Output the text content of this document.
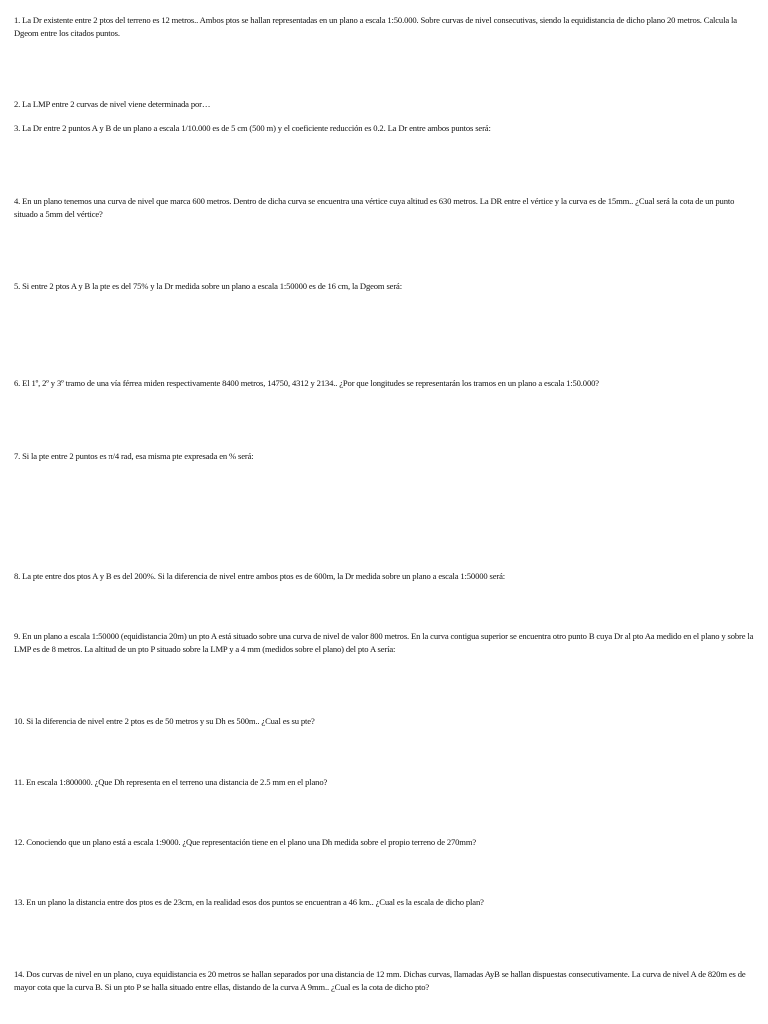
1. La Dr existente entre 2 ptos del terreno es 12 metros.. Ambos ptos se hallan representadas en un plano a escala 1:50.000. Sobre curvas de nivel consecutivas, siendo la equidistancia de dicho plano 20 metros. Calcula la Dgeom entre los citados puntos.

2. La LMP entre 2 curvas de nivel viene determinada por…

3. La Dr entre 2 puntos A y B de un plano a escala 1/10.000 es de 5 cm (500 m) y el coeficiente reducción es 0.2. La Dr entre ambos puntos será:

4. En un plano tenemos una curva de nivel que marca 600 metros. Dentro de dicha curva se encuentra una vértice cuya altitud es 630 metros. La DR entre el vértice y la curva es de 15mm.. ¿Cual será la cota de un punto situado a 5mm del vértice?

5. Si entre 2 ptos A y B la pte es del 75% y la Dr medida sobre un plano a escala 1:50000 es de 16 cm, la Dgeom será:

6. El 1º, 2º y 3º tramo de una vía férrea miden respectivamente 8400 metros, 14750, 4312 y 2134.. ¿Por que longitudes se representarán los tramos en un plano a escala 1:50.000?

7. Si la pte entre 2 puntos es π/4 rad, esa misma pte expresada en % será:

8. La pte entre dos ptos A y B es del 200%. Si la diferencia de nivel entre ambos ptos es de 600m, la Dr medida sobre un plano a escala 1:50000 será:

9. En un plano a escala 1:50000 (equidistancia 20m) un pto A está situado sobre una curva de nivel de valor 800 metros. En la curva contigua superior se encuentra otro punto B cuya Dr al pto Aa medido en el plano y sobre la LMP es de 8 metros. La altitud de un pto P situado sobre la LMP y a 4 mm (medidos sobre el plano) del pto A sería:

10. Si la diferencia de nivel entre 2 ptos es de 50 metros y su Dh es 500m.. ¿Cual es su pte?

11. En escala 1:800000. ¿Que Dh representa en el terreno una distancia de 2.5 mm en el plano?

12. Conociendo que un plano está a escala 1:9000. ¿Que representación tiene en el plano una Dh medida sobre el propio terreno de 270mm?

13. En un plano la distancia entre dos ptos es de 23cm, en la realidad esos dos puntos se encuentran a 46 km.. ¿Cual es la escala de dicho plan?

14. Dos curvas de nivel en un plano, cuya equidistancia es 20 metros se hallan separados por una distancia de 12 mm. Dichas curvas, llamadas AyB se hallan dispuestas consecutivamente. La curva de nivel A de 820m es de mayor cota que la curva B. Si un pto P se halla situado entre ellas, distando de la curva A 9mm.. ¿Cual es la cota de dicho pto?
